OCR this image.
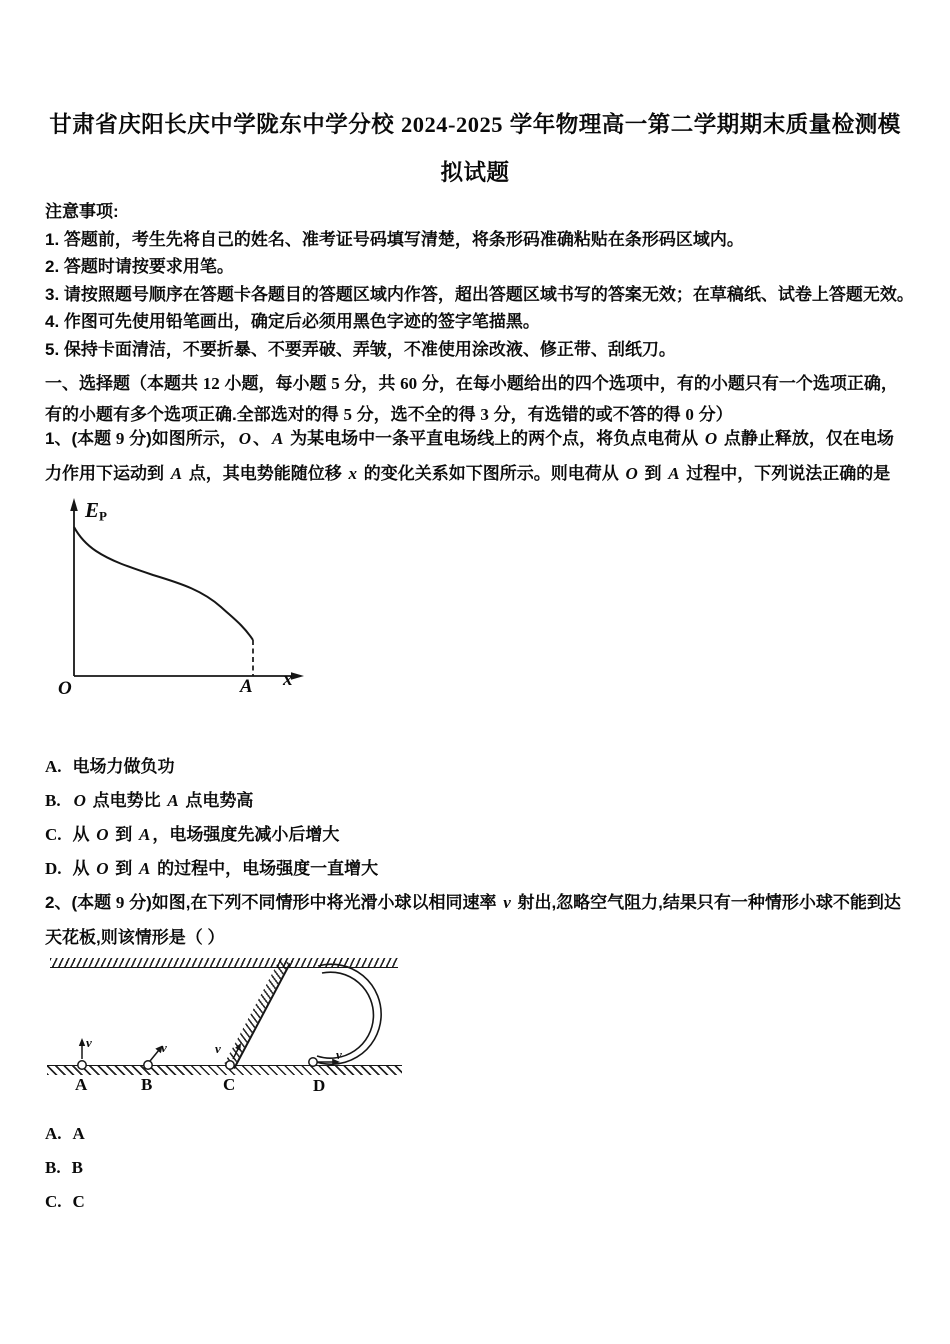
甘肃省庆阳长庆中学陇东中学分校 2024-2025 学年物理高一第二学期期末质量检测模
拟试题
注意事项:
1. 答题前，考生先将自己的姓名、准考证号码填写清楚，将条形码准确粘贴在条形码区域内。
2. 答题时请按要求用笔。
3. 请按照题号顺序在答题卡各题目的答题区域内作答，超出答题区域书写的答案无效；在草稿纸、试卷上答题无效。
4. 作图可先使用铅笔画出，确定后必须用黑色字迹的签字笔描黑。
5. 保持卡面清洁，不要折暴、不要弄破、弄皱，不准使用涂改液、修正带、刮纸刀。
一、选择题（本题共 12 小题，每小题 5 分，共 60 分，在每小题给出的四个选项中，有的小题只有一个选项正确，有的小题有多个选项正确.全部选对的得 5 分，选不全的得 3 分，有选错的或不答的得 0 分）
1、(本题 9 分)如图所示， O 、 A 为某电场中一条平直电场线上的两个点，将负点电荷从 O 点静止释放，仅在电场力作用下运动到 A 点，其电势能随位移 x 的变化关系如下图所示。则电荷从 O 到 A 过程中，下列说法正确的是
$E_P$
O	A x
A. 电场力做负功
B. O 点电势比 A 点电势高
C. 从 O 到 A ，电场强度先减小后增大
D. 从 O 到 A 的过程中，电场强度一直增大
2、(本题 9 分)如图,在下列不同情形中将光滑小球以相同速率 v 射出,忽略空气阻力,结果只有一种情形小球不能到达天花板,则该情形是（ ）
v	v	v	v
A	B	C	D
A. A
B. B
C. C
